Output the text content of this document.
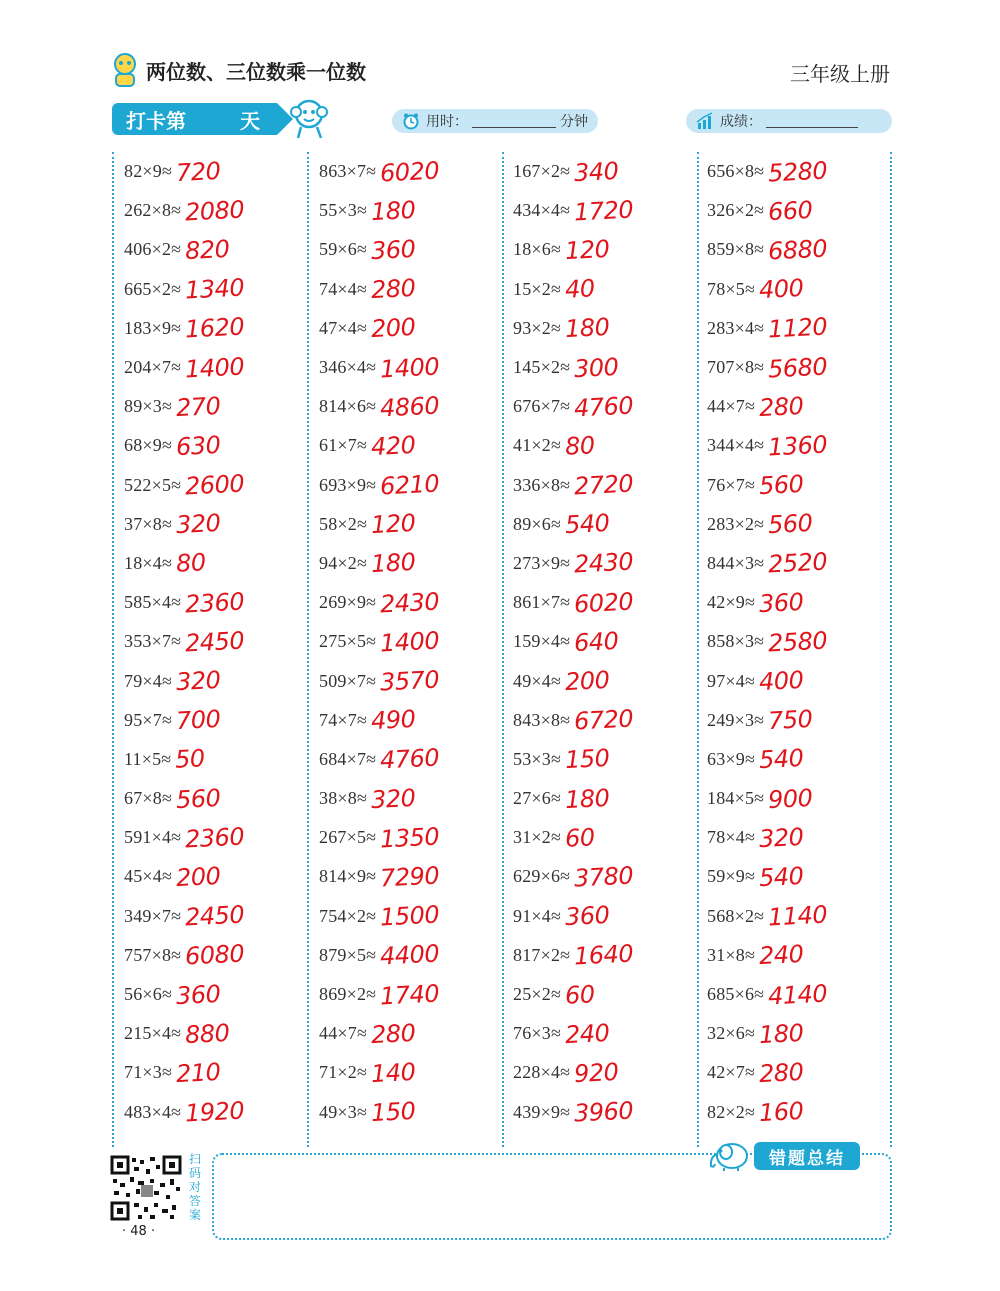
两位数、三位数乘一位数	三年级上册
打卡第	天	用时：	分钟	成绩：
82×9≈ 720
262×8≈ 2080
406×2≈ 820
665×2≈ 1340
183×9≈ 1620
204×7≈ 1400
89×3≈ 270
68×9≈ 630
522×5≈ 2600
37×8≈ 320
18×4≈ 80
585×4≈ 2360
353×7≈ 2450
79×4≈ 320
95×7≈ 700
11×5≈ 50
67×8≈ 560
591×4≈ 2360
45×4≈ 200
349×7≈ 2450
757×8≈ 6080
56×6≈ 360
215×4≈ 880
71×3≈ 210
483×4≈ 1920
863×7≈ 6020
55×3≈ 180
59×6≈ 360
74×4≈ 280
47×4≈ 200
346×4≈ 1400
814×6≈ 4860
61×7≈ 420
693×9≈ 6210
58×2≈ 120
94×2≈ 180
269×9≈ 2430
275×5≈ 1400
509×7≈ 3570
74×7≈ 490
684×7≈ 4760
38×8≈ 320
267×5≈ 1350
814×9≈ 7290
754×2≈ 1500
879×5≈ 4400
869×2≈ 1740
44×7≈ 280
71×2≈ 140
49×3≈ 150
167×2≈ 340
434×4≈ 1720
18×6≈ 120
15×2≈ 40
93×2≈ 180
145×2≈ 300
676×7≈ 4760
41×2≈ 80
336×8≈ 2720
89×6≈ 540
273×9≈ 2430
861×7≈ 6020
159×4≈ 640
49×4≈ 200
843×8≈ 6720
53×3≈ 150
27×6≈ 180
31×2≈ 60
629×6≈ 3780
91×4≈ 360
817×2≈ 1640
25×2≈ 60
76×3≈ 240
228×4≈ 920
439×9≈ 3960
656×8≈ 5280
326×2≈ 660
859×8≈ 6880
78×5≈ 400
283×4≈ 1120
707×8≈ 5680
44×7≈ 280
344×4≈ 1360
76×7≈ 560
283×2≈ 560
844×3≈ 2520
42×9≈ 360
858×3≈ 2580
97×4≈ 400
249×3≈ 750
63×9≈ 540
184×5≈ 900
78×4≈ 320
59×9≈ 540
568×2≈ 1140
31×8≈ 240
685×6≈ 4140
32×6≈ 180
42×7≈ 280
82×2≈ 160
错题总结
扫码对答案
· 48 ·
